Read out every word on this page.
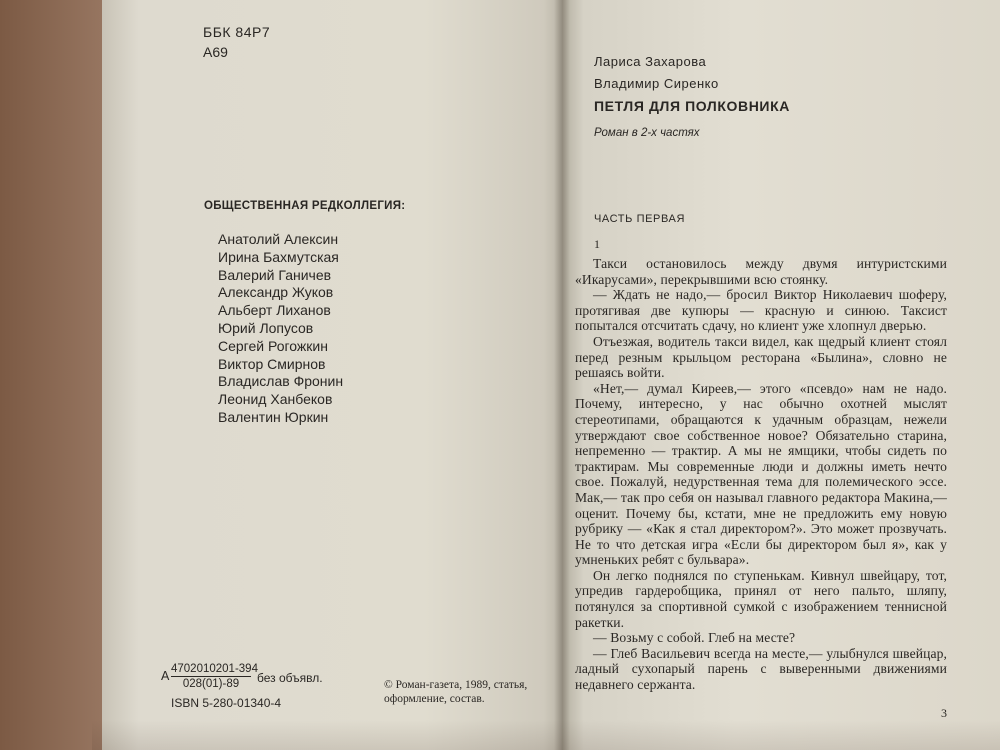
ББК 84Р7
А69
ОБЩЕСТВЕННАЯ РЕДКОЛЛЕГИЯ:
Анатолий Алексин
Ирина Бахмутская
Валерий Ганичев
Александр Жуков
Альберт Лиханов
Юрий Лопусов
Сергей Рогожкин
Виктор Смирнов
Владислав Фронин
Леонид Ханбеков
Валентин Юркин
А $\frac{4702010201-394}{028(01)-89}$ без объявл.
ISBN 5-280-01340-4
© Роман-газета, 1989, статья, оформление, состав.
Лариса Захарова
Владимир Сиренко
ПЕТЛЯ ДЛЯ ПОЛКОВНИКА
Роман в 2-х частях
ЧАСТЬ ПЕРВАЯ
1

Такси остановилось между двумя интуристскими «Икарусами», перекрывшими всю стоянку.

— Ждать не надо,— бросил Виктор Николаевич шоферу, протягивая две купюры — красную и синюю. Таксист попытался отсчитать сдачу, но клиент уже хлопнул дверью.

Отъезжая, водитель такси видел, как щедрый клиент стоял перед резным крыльцом ресторана «Былина», словно не решаясь войти.

«Нет,— думал Киреев,— этого «псевдо» нам не надо. Почему, интересно, у нас обычно охотней мыслят стереотипами, обращаются к удачным образцам, нежели утверждают свое собственное новое? Обязательно старина, непременно — трактир. А мы не ямщики, чтобы сидеть по трактирам. Мы современные люди и должны иметь нечто свое. Пожалуй, недурственная тема для полемического эссе. Мак,— так про себя он называл главного редактора Макина,— оценит. Почему бы, кстати, мне не предложить ему новую рубрику — «Как я стал директором?». Это может прозвучать. Не то что детская игра «Если бы директором был я», как у умненьких ребят с бульвара».

Он легко поднялся по ступенькам. Кивнул швейцару, тот, упредив гардеробщика, принял от него пальто, шляпу, потянулся за спортивной сумкой с изображением теннисной ракетки.

— Возьму с собой. Глеб на месте?

— Глеб Васильевич всегда на месте,— улыбнулся швейцар, ладный сухопарый парень с выверенными движениями недавнего сержанта.

3
